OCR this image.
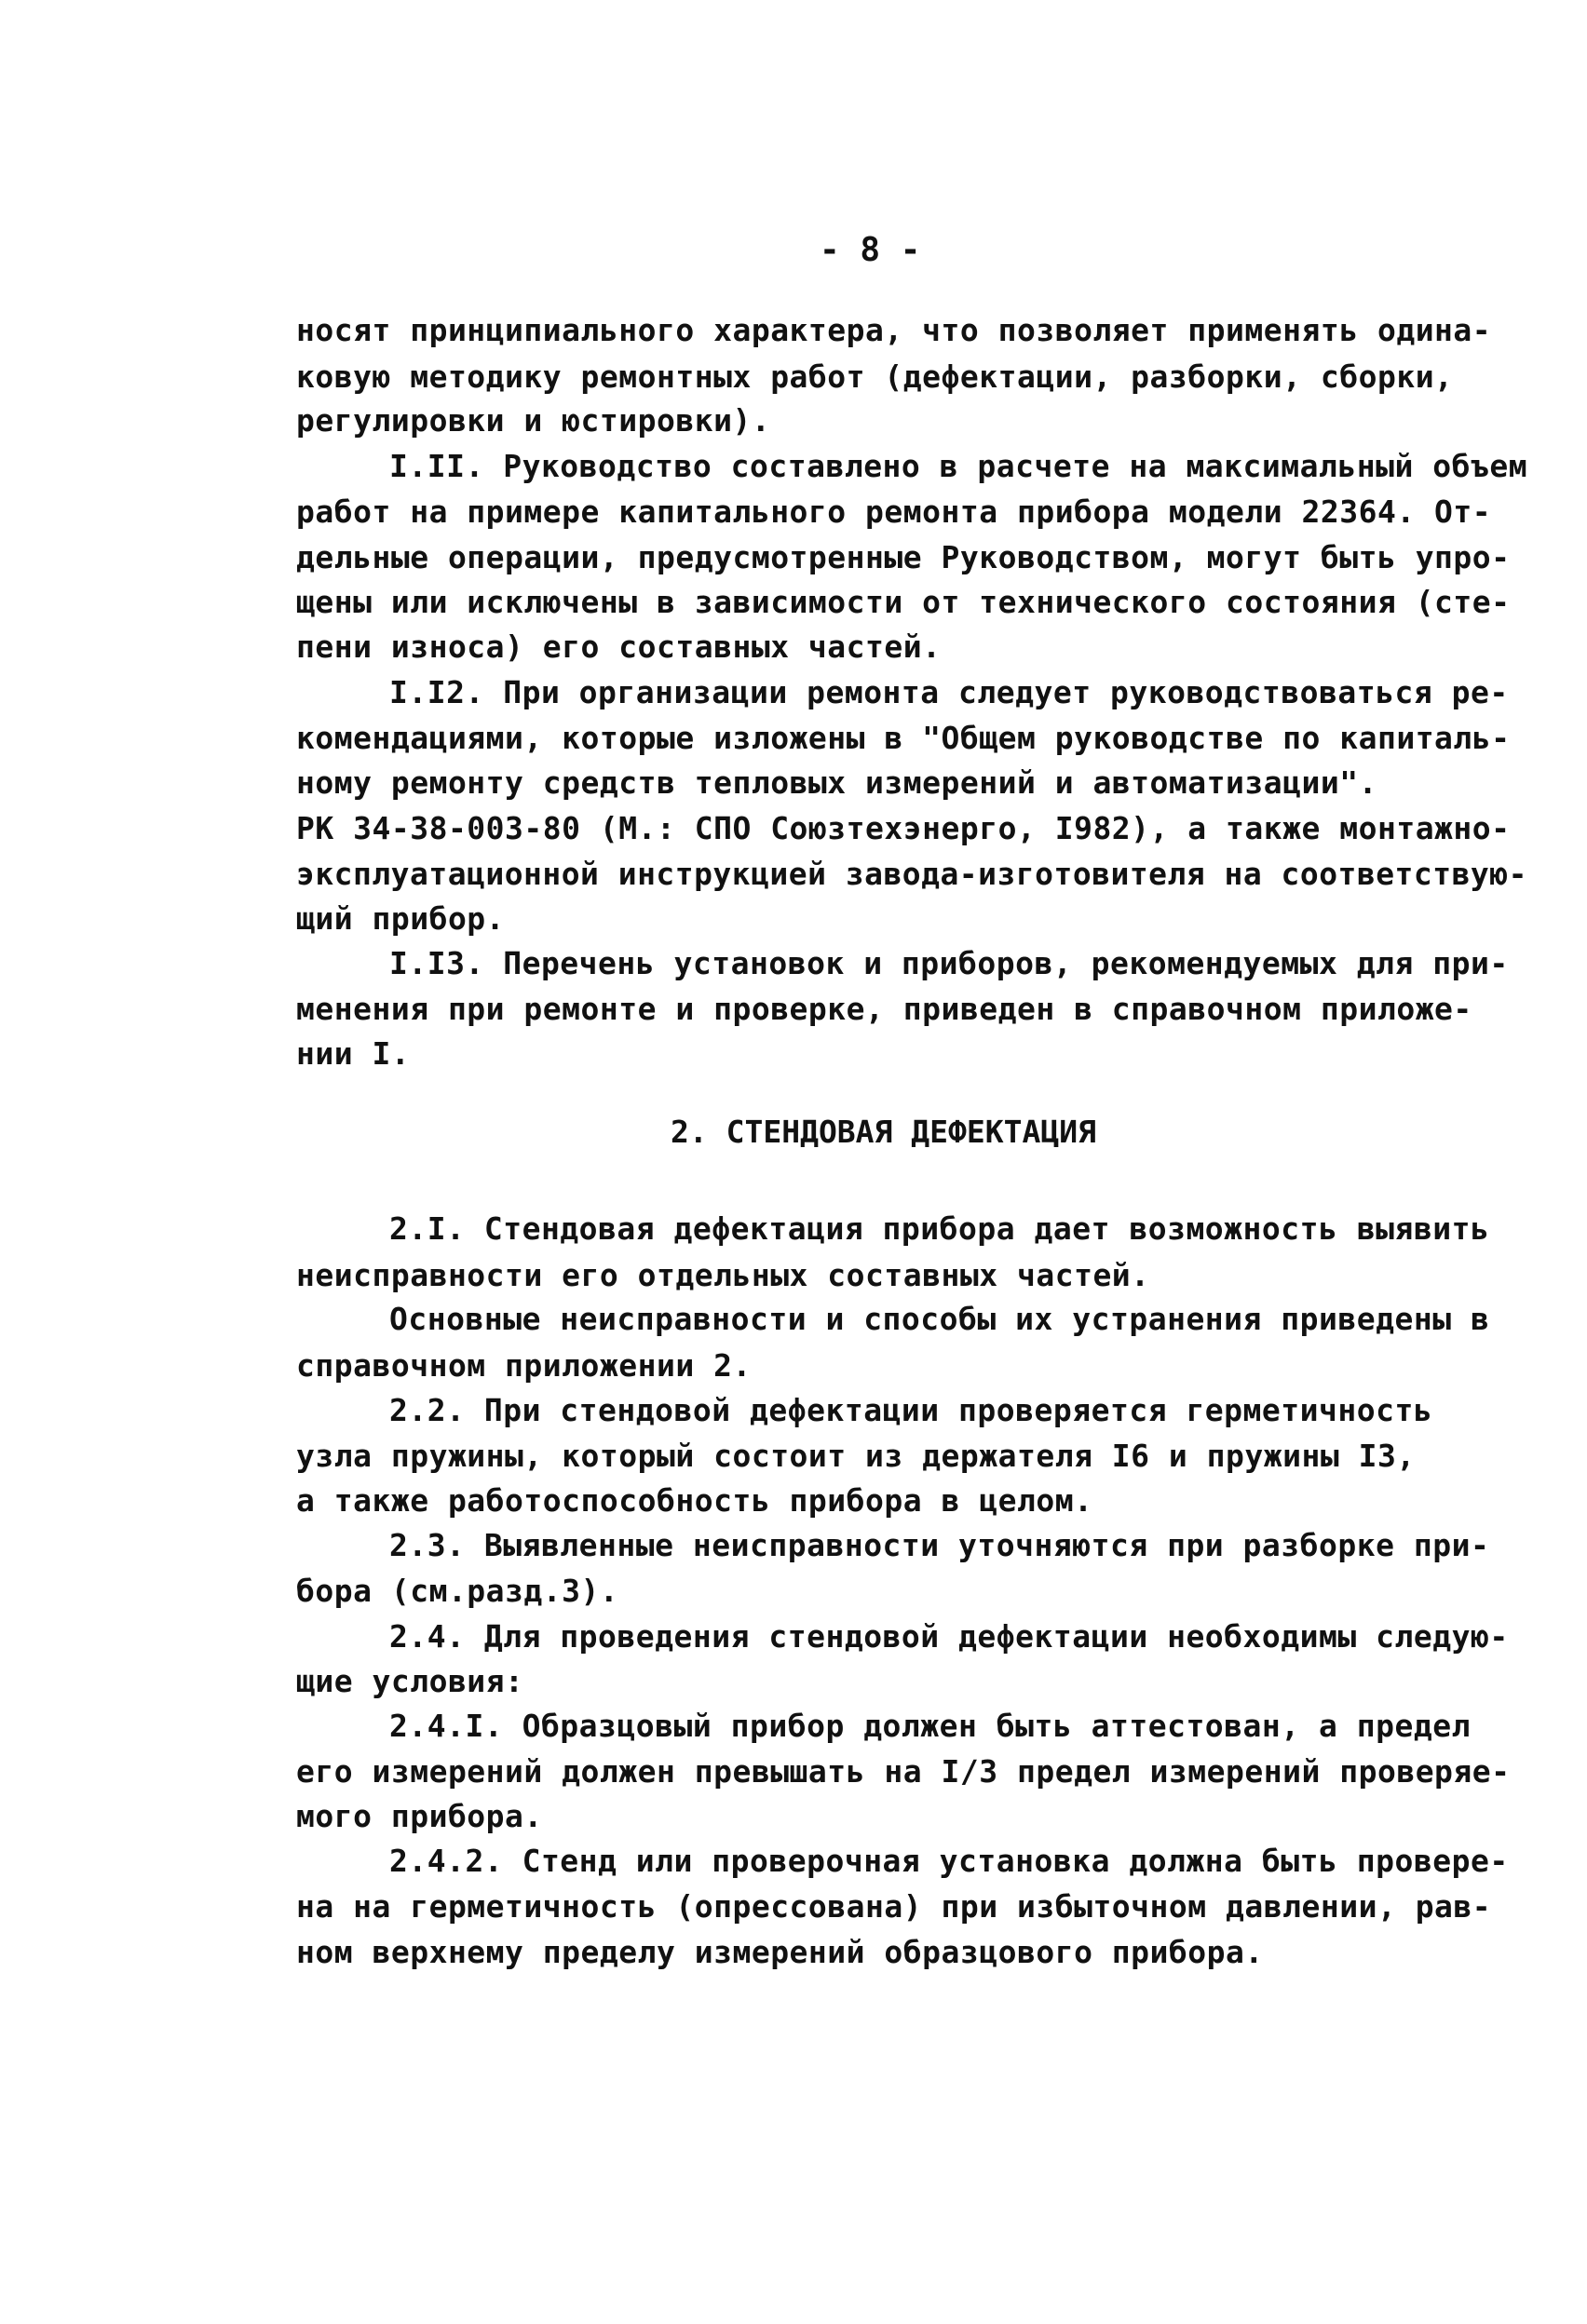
- 8 -
носят принципиального характера, что позволяет применять одина-
ковую методику ремонтных работ (дефектации, разборки, сборки,
регулировки и юстировки).
I.II. Руководство составлено в расчете на максимальный объем
работ на примере капитального ремонта прибора модели 22364. От-
дельные операции, предусмотренные Руководством, могут быть упро-
щены или исключены в зависимости от технического состояния (сте-
пени износа) его составных частей.
I.I2. При организации ремонта следует руководствоваться ре-
комендациями, которые изложены в "Общем руководстве по капиталь-
ному ремонту средств тепловых измерений и автоматизации".
РК 34-38-003-80 (М.: СПО Союзтехэнерго, I982), а также монтажно-
эксплуатационной инструкцией завода-изготовителя на соответствую-
щий прибор.
I.I3. Перечень установок и приборов, рекомендуемых для при-
менения при ремонте и проверке, приведен в справочном приложе-
нии I.
2. СТЕНДОВАЯ ДЕФЕКТАЦИЯ
2.I. Стендовая дефектация прибора дает возможность выявить
неисправности его отдельных составных частей.
Основные неисправности и способы их устранения приведены в
справочном приложении 2.
2.2. При стендовой дефектации проверяется герметичность
узла пружины, который состоит из держателя I6 и пружины I3,
а также работоспособность прибора в целом.
2.3. Выявленные неисправности уточняются при разборке при-
бора (см.разд.3).
2.4. Для проведения стендовой дефектации необходимы следую-
щие условия:
2.4.I. Образцовый прибор должен быть аттестован, а предел
его измерений должен превышать на I/3 предел измерений проверяе-
мого прибора.
2.4.2. Стенд или проверочная установка должна быть провере-
на на герметичность (опрессована) при избыточном давлении, рав-
ном верхнему пределу измерений образцового прибора.
